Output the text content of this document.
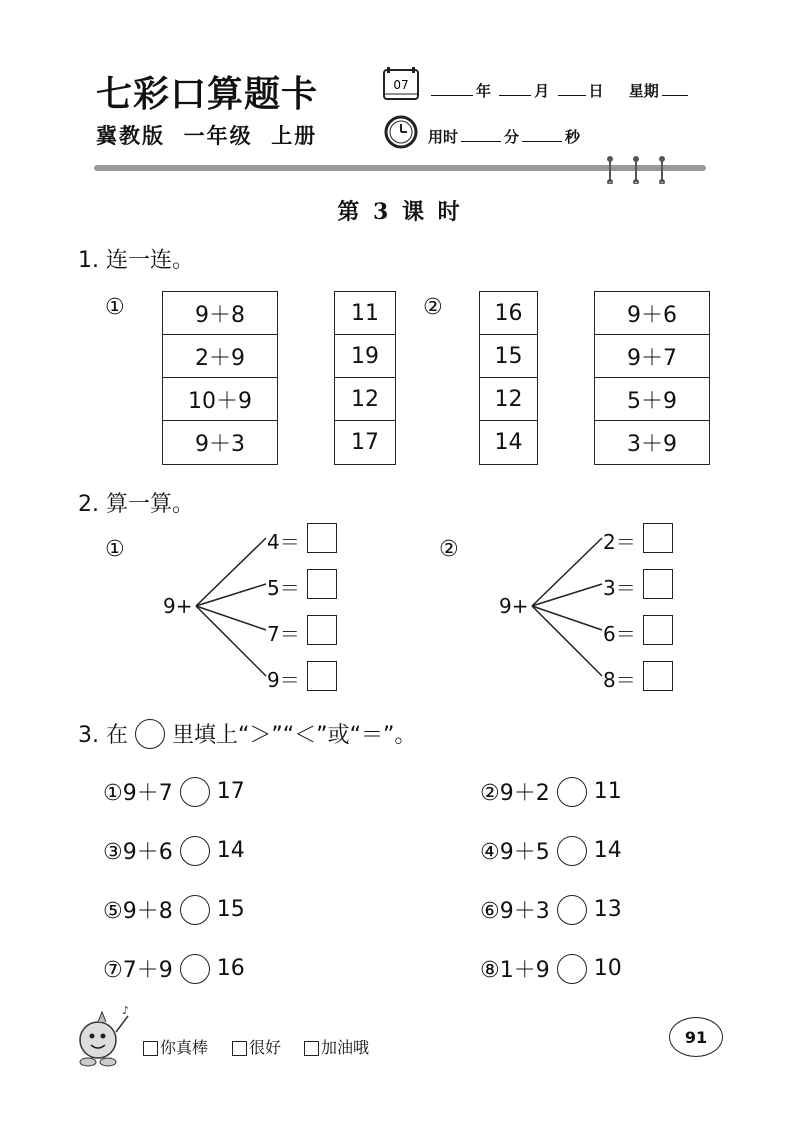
七彩口算题卡
冀教版  一年级  上册
07	年	月	日 星期
用时	分	秒
第 3 课 时
1. 连一连。
①	②
9＋8
2＋9
10＋9
9＋3
11
19
12
17
16
15
12
14
9＋6
9＋7
5＋9
3＋9
2. 算一算。
①	②
9+
4＝
5＝
7＝
9＝
9+
2＝
3＝
6＝
8＝
3. 在 里填上“＞”“＜”或“＝”。
①9＋7 17	②9＋2 11
③9＋6 14	④9＋5 14
⑤9＋8 15	⑥9＋3 13
⑦7＋9 16	⑧1＋9 10
♪
你真棒	很好	加油哦
91
